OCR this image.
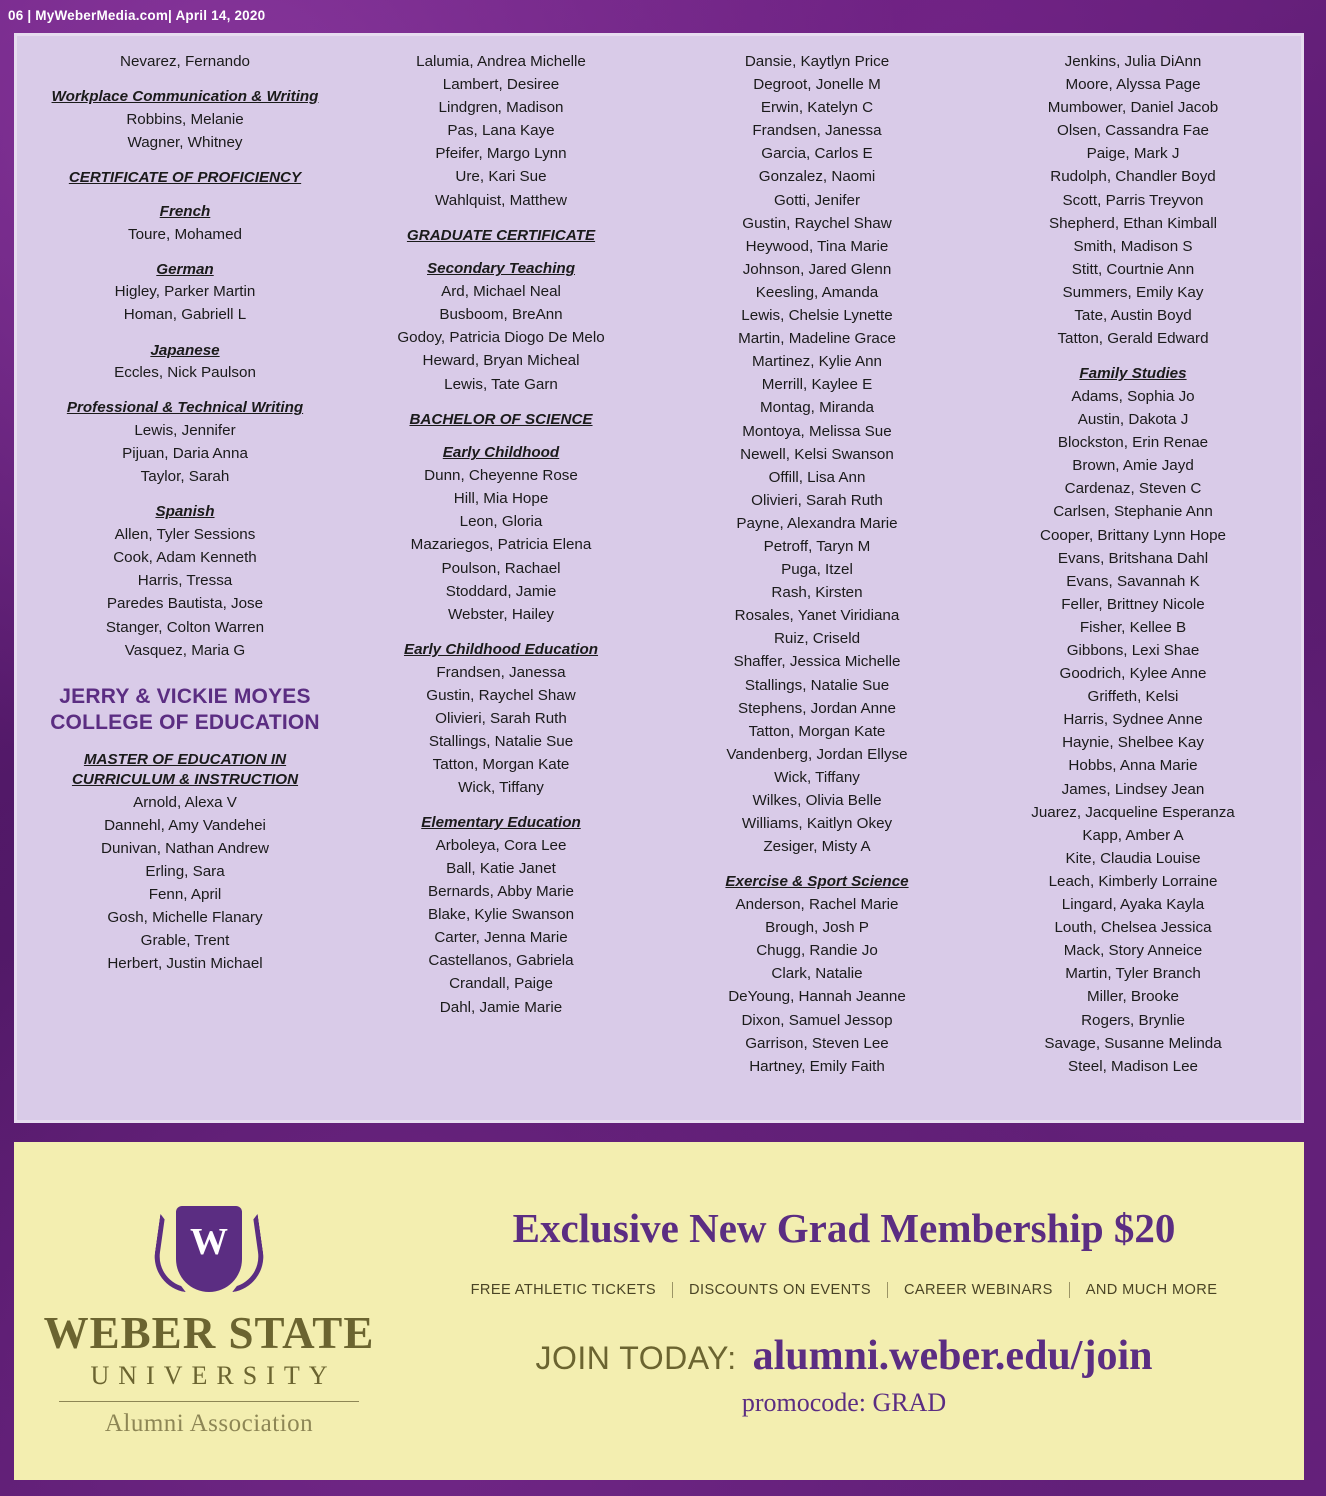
06 | MyWeberMedia.com| April 14, 2020
Nevarez, Fernando
Workplace Communication & Writing
Robbins, Melanie
Wagner, Whitney
CERTIFICATE OF PROFICIENCY
French
Toure, Mohamed
German
Higley, Parker Martin
Homan, Gabriell L
Japanese
Eccles, Nick Paulson
Professional & Technical Writing
Lewis, Jennifer
Pijuan, Daria Anna
Taylor, Sarah
Spanish
Allen, Tyler Sessions
Cook, Adam Kenneth
Harris, Tressa
Paredes Bautista, Jose
Stanger, Colton Warren
Vasquez, Maria G
JERRY & VICKIE MOYES COLLEGE OF EDUCATION
MASTER OF EDUCATION IN CURRICULUM & INSTRUCTION
Arnold, Alexa V
Dannehl, Amy Vandehei
Dunivan, Nathan Andrew
Erling, Sara
Fenn, April
Gosh, Michelle Flanary
Grable, Trent
Herbert, Justin Michael
Lalumia, Andrea Michelle
Lambert, Desiree
Lindgren, Madison
Pas, Lana Kaye
Pfeifer, Margo Lynn
Ure, Kari Sue
Wahlquist, Matthew
GRADUATE CERTIFICATE
Secondary Teaching
Ard, Michael Neal
Busboom, BreAnn
Godoy, Patricia Diogo De Melo
Heward, Bryan Micheal
Lewis, Tate Garn
BACHELOR OF SCIENCE
Early Childhood
Dunn, Cheyenne Rose
Hill, Mia Hope
Leon, Gloria
Mazariegos, Patricia Elena
Poulson, Rachael
Stoddard, Jamie
Webster, Hailey
Early Childhood Education
Frandsen, Janessa
Gustin, Raychel Shaw
Olivieri, Sarah Ruth
Stallings, Natalie Sue
Tatton, Morgan Kate
Wick, Tiffany
Elementary Education
Arboleya, Cora Lee
Ball, Katie Janet
Bernards, Abby Marie
Blake, Kylie Swanson
Carter, Jenna Marie
Castellanos, Gabriela
Crandall, Paige
Dahl, Jamie Marie
Dansie, Kaytlyn Price
Degroot, Jonelle M
Erwin, Katelyn C
Frandsen, Janessa
Garcia, Carlos E
Gonzalez, Naomi
Gotti, Jenifer
Gustin, Raychel Shaw
Heywood, Tina Marie
Johnson, Jared Glenn
Keesling, Amanda
Lewis, Chelsie Lynette
Martin, Madeline Grace
Martinez, Kylie Ann
Merrill, Kaylee E
Montag, Miranda
Montoya, Melissa Sue
Newell, Kelsi Swanson
Offill, Lisa Ann
Olivieri, Sarah Ruth
Payne, Alexandra Marie
Petroff, Taryn M
Puga, Itzel
Rash, Kirsten
Rosales, Yanet Viridiana
Ruiz, Criseld
Shaffer, Jessica Michelle
Stallings, Natalie Sue
Stephens, Jordan Anne
Tatton, Morgan Kate
Vandenberg, Jordan Ellyse
Wick, Tiffany
Wilkes, Olivia Belle
Williams, Kaitlyn Okey
Zesiger, Misty A
Exercise & Sport Science
Anderson, Rachel Marie
Brough, Josh P
Chugg, Randie Jo
Clark, Natalie
DeYoung, Hannah Jeanne
Dixon, Samuel Jessop
Garrison, Steven Lee
Hartney, Emily Faith
Jenkins, Julia DiAnn
Moore, Alyssa Page
Mumbower, Daniel Jacob
Olsen, Cassandra Fae
Paige, Mark J
Rudolph, Chandler Boyd
Scott, Parris Treyvon
Shepherd, Ethan Kimball
Smith, Madison S
Stitt, Courtnie Ann
Summers, Emily Kay
Tate, Austin Boyd
Tatton, Gerald Edward
Family Studies
Adams, Sophia Jo
Austin, Dakota J
Blockston, Erin Renae
Brown, Amie Jayd
Cardenaz, Steven C
Carlsen, Stephanie Ann
Cooper, Brittany Lynn Hope
Evans, Britshana Dahl
Evans, Savannah K
Feller, Brittney Nicole
Fisher, Kellee B
Gibbons, Lexi Shae
Goodrich, Kylee Anne
Griffeth, Kelsi
Harris, Sydnee Anne
Haynie, Shelbee Kay
Hobbs, Anna Marie
James, Lindsey Jean
Juarez, Jacqueline Esperanza
Kapp, Amber A
Kite, Claudia Louise
Leach, Kimberly Lorraine
Lingard, Ayaka Kayla
Louth, Chelsea Jessica
Mack, Story Anneice
Martin, Tyler Branch
Miller, Brooke
Rogers, Brynlie
Savage, Susanne Melinda
Steel, Madison Lee
W
WEBER STATE
UNIVERSITY
Alumni Association
Exclusive New Grad Membership $20
FREE ATHLETIC TICKETS	DISCOUNTS ON EVENTS	CAREER WEBINARS	AND MUCH MORE
JOIN TODAY: alumni.weber.edu/join
promocode: GRAD
